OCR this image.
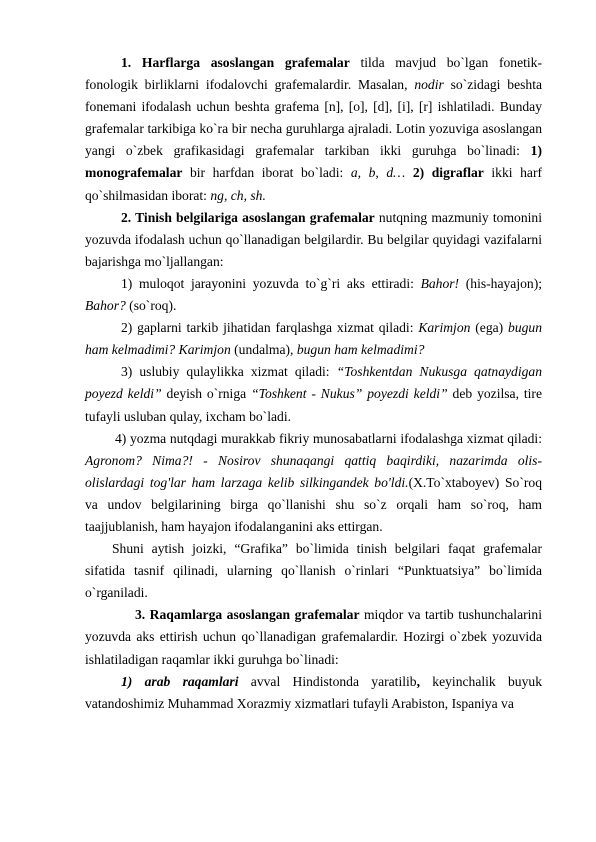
1. Harflarga asoslangan grafemalar tilda mavjud bo`lgan fonetik-fonologik birliklarni ifodalovchi grafemalardir. Masalan, nodir so`zidagi beshta fonemani ifodalash uchun beshta grafema [n], [o], [d], [i], [r] ishlatiladi. Bunday grafemalar tarkibiga ko`ra bir necha guruhlarga ajraladi. Lotin yozuviga asoslangan yangi o`zbek grafikasidagi grafemalar tarkiban ikki guruhga bo`linadi: 1) monografemalar bir harfdan iborat bo`ladi: a, b, d… 2) digraflar ikki harf qo`shilmasidan iborat: ng, ch, sh.

2. Tinish belgilariga asoslangan grafemalar nutqning mazmuniy tomonini yozuvda ifodalash uchun qo`llanadigan belgilardir. Bu belgilar quyidagi vazifalarni bajarishga mo`ljallangan:

1) muloqot jarayonini yozuvda to`g`ri aks ettiradi: Bahor! (his-hayajon); Bahor? (so`roq).

2) gaplarni tarkib jihatidan farqlashga xizmat qiladi: Karimjon (ega) bugun ham kelmadimi? Karimjon (undalma), bugun ham kelmadimi?

3) uslubiy qulaylikka xizmat qiladi: “Toshkentdan Nukusga qatnaydigan poyezd keldi” deyish o`rniga “Toshkent - Nukus” poyezdi keldi” deb yozilsa, tire tufayli usluban qulay, ixcham bo`ladi.

4) yozma nutqdagi murakkab fikriy munosabatlarni ifodalashga xizmat qiladi: Agronom? Nima?! - Nosirov shunaqangi qattiq baqirdiki, nazarimda olis-olislardagi tog'lar ham larzaga kelib silkingandek bo'ldi.(X.To`xtaboyev) So`roq va undov belgilarining birga qo`llanishi shu so`z orqali ham so`roq, ham taajjublanish, ham hayajon ifodalanganini aks ettirgan.

Shuni aytish joizki, “Grafika” bo`limida tinish belgilari faqat grafemalar sifatida tasnif qilinadi, ularning qo`llanish o`rinlari “Punktuatsiya” bo`limida o`rganiladi.

3. Raqamlarga asoslangan grafemalar miqdor va tartib tushunchalarini yozuvda aks ettirish uchun qo`llanadigan grafemalardir. Hozirgi o`zbek yozuvida ishlatiladigan raqamlar ikki guruhga bo`linadi:

1) arab raqamlari avval Hindistonda yaratilib, keyinchalik buyuk vatandoshimiz Muhammad Xorazmiy xizmatlari tufayli Arabiston, Ispaniya va
